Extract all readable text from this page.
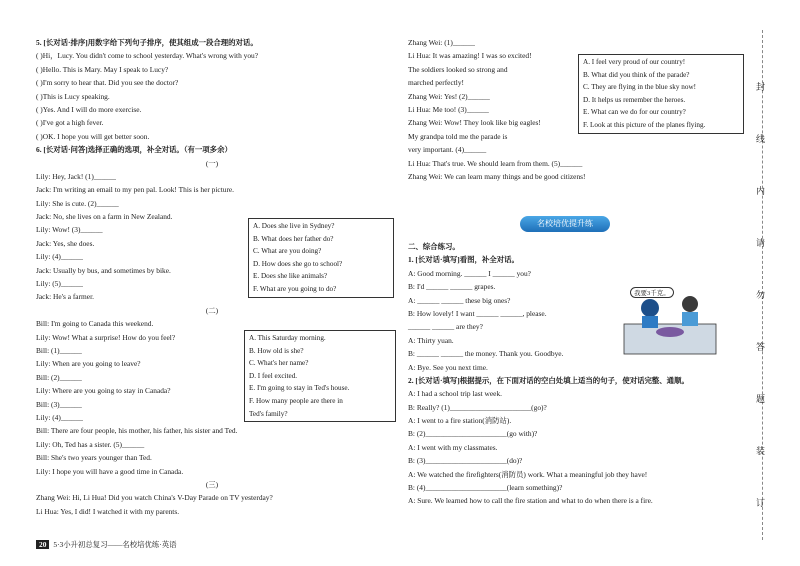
5. [长对话·排序]用数字给下列句子排序，使其组成一段合理的对话。
( )Hi，Lucy. You didn't come to school yesterday. What's wrong with you?
( )Hello. This is Mary. May I speak to Lucy?
( )I'm sorry to hear that. Did you see the doctor?
( )This is Lucy speaking.
( )Yes. And I will do more exercise.
( )I've got a high fever.
( )OK. I hope you will get better soon.
6. [长对话·问答]选择正确的选项，补全对话。（有一项多余）
(一)
Lily: Hey, Jack! (1)______
Jack: I'm writing an email to my pen pal. Look! This is her picture.
Lily: She is cute. (2)______
Jack: No, she lives on a farm in New Zealand.
Lily: Wow! (3)______
Jack: Yes, she does.
Lily: (4)______
Jack: Usually by bus, and sometimes by bike.
Lily: (5)______
Jack: He's a farmer.
(二)
Bill: I'm going to Canada this weekend.
Lily: Wow! What a surprise! How do you feel?
Bill: (1)______
Lily: When are you going to leave?
Bill: (2)______
Lily: Where are you going to stay in Canada?
Bill: (3)______
Lily: (4)______
Bill: There are four people, his mother, his father, his sister and Ted.
Lily: Oh, Ted has a sister. (5)______
Bill: She's two years younger than Ted.
Lily: I hope you will have a good time in Canada.
(三)
Zhang Wei: Hi, Li Hua! Did you watch China's V-Day Parade on TV yesterday?
Li Hua: Yes, I did! I watched it with my parents.
A. Does she live in Sydney?
B. What does her father do?
C. What are you doing?
D. How does she go to school?
E. Does she like animals?
F. What are you going to do?
A. This Saturday morning.
B. How old is she?
C. What's her name?
D. I feel excited.
E. I'm going to stay in Ted's house.
F. How many people are there in
Ted's family?
Zhang Wei: (1)______
Li Hua: It was amazing! I was so excited!
The soldiers looked so strong and
marched perfectly!
Zhang Wei: Yes! (2)______
Li Hua: Me too! (3)______
Zhang Wei: Wow! They look like big eagles!
My grandpa told me the parade is
very important. (4)______
Li Hua: That's true. We should learn from them. (5)______
Zhang Wei: We can learn many things and be good citizens!
A. I feel very proud of our country!
B. What did you think of the parade?
C. They are flying in the blue sky now!
D. It helps us remember the heroes.
E. What can we do for our country?
F. Look at this picture of the planes flying.
名校培优提升练
二、综合练习。
1. [长对话·填写]看图，补全对话。
A: Good morning. ______ I ______ you?
B: I'd ______ ______ grapes.
A: ______ ______ these big ones?
B: How lovely! I want ______ ______, please.
______ ______ are they?
A: Thirty yuan.
B: ______ ______ the money. Thank you. Goodbye.
A: Bye. See you next time.
2. [长对话·填写]根据提示，在下面对话的空白处填上适当的句子，使对话完整、通顺。
A: I had a school trip last week.
B: Really? (1)______________________(go)?
A: I went to a fire station(消防站).
B: (2)______________________(go with)?
A: I went with my classmates.
B: (3)______________________(do)?
A: We watched the firefighters(消防员) work. What a meaningful job they have!
B: (4)______________________(learn something)?
A: Sure. We learned how to call the fire station and what to do when there is a fire.
我要3千克。
封
线
内
请
勿
答
题
装
订
20 5·3小升初总复习——名校培优练·英语
